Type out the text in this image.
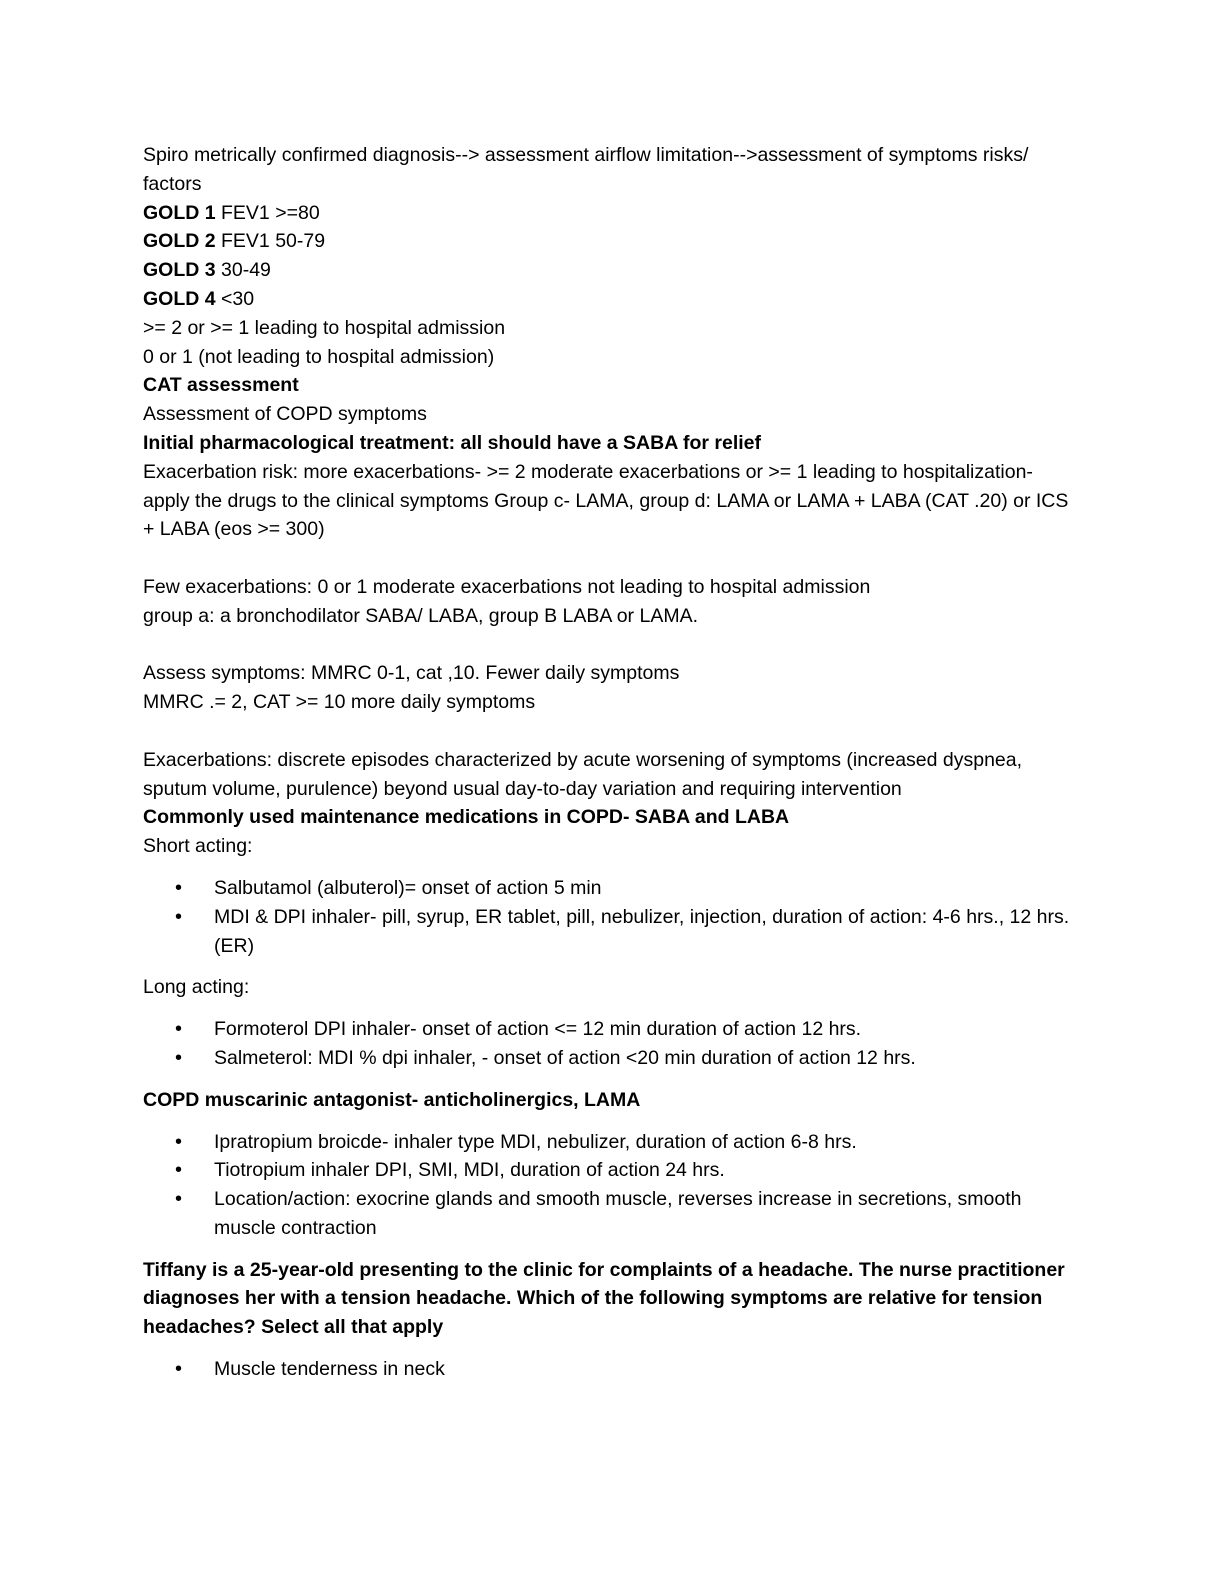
Spiro metrically confirmed diagnosis--> assessment airflow limitation-->assessment of symptoms risks/ factors

GOLD 1 FEV1 >=80

GOLD 2 FEV1 50-79

GOLD 3 30-49

GOLD 4 <30

>= 2 or >= 1 leading to hospital admission

0 or 1 (not leading to hospital admission)

CAT assessment

Assessment of COPD symptoms

Initial pharmacological treatment: all should have a SABA for relief

Exacerbation risk: more exacerbations- >= 2 moderate exacerbations or >= 1 leading to hospitalization- apply the drugs to the clinical symptoms Group c- LAMA, group d: LAMA or LAMA + LABA (CAT .20) or ICS + LABA (eos >= 300)

Few exacerbations: 0 or 1 moderate exacerbations not leading to hospital admission

group a: a bronchodilator SABA/ LABA, group B LABA or LAMA.

Assess symptoms: MMRC 0-1, cat ,10. Fewer daily symptoms

MMRC .= 2, CAT >= 10 more daily symptoms

Exacerbations: discrete episodes characterized by acute worsening of symptoms (increased dyspnea, sputum volume, purulence) beyond usual day-to-day variation and requiring intervention

Commonly used maintenance medications in COPD- SABA and LABA

Short acting:

• Salbutamol (albuterol)= onset of action 5 min
• MDI & DPI inhaler- pill, syrup, ER tablet, pill, nebulizer, injection, duration of action: 4-6 hrs., 12 hrs. (ER)

Long acting:

• Formoterol DPI inhaler- onset of action <= 12 min duration of action 12 hrs.
• Salmeterol: MDI % dpi inhaler, - onset of action <20 min duration of action 12 hrs.

COPD muscarinic antagonist- anticholinergics, LAMA

• Ipratropium broicde- inhaler type MDI, nebulizer, duration of action 6-8 hrs.
• Tiotropium inhaler DPI, SMI, MDI, duration of action 24 hrs.
• Location/action: exocrine glands and smooth muscle, reverses increase in secretions, smooth muscle contraction

Tiffany is a 25-year-old presenting to the clinic for complaints of a headache. The nurse practitioner diagnoses her with a tension headache. Which of the following symptoms are relative for tension headaches? Select all that apply

• Muscle tenderness in neck
